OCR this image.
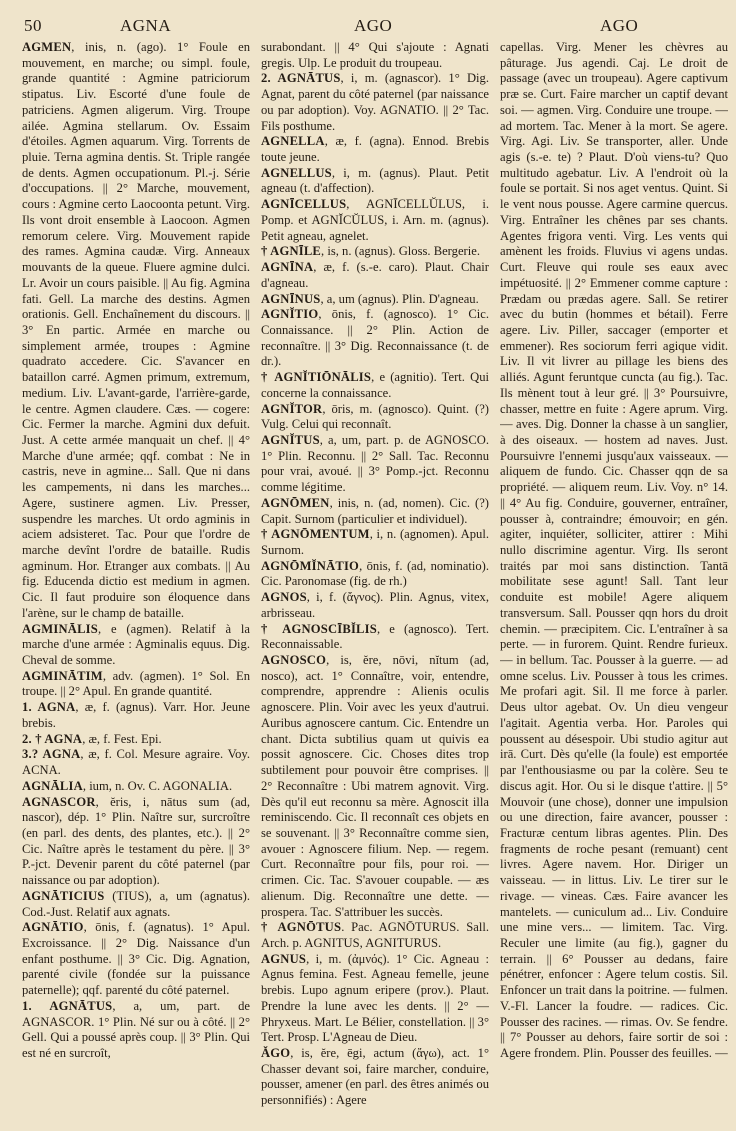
50	AGNA	AGO	AGO

AGMEN, inis, n. (ago). 1° Foule en mouvement, en marche; ou simpl. foule, grande quantité : Agmine patriciorum stipatus. Liv. Escorté d'une foule de patriciens. Agmen aligerum. Virg. Troupe ailée. Agmina stellarum. Ov. Essaim d'étoiles. Agmen aquarum. Virg. Torrents de pluie. Terna agmina dentis. St. Triple rangée de dents. Agmen occupationum. Pl.-j. Série d'occupations. || 2° Marche, mouvement, cours : Agmine certo Laocoonta petunt. Virg. Ils vont droit ensemble à Laocoon. Agmen remorum celere. Virg. Mouvement rapide des rames. Agmina caudæ. Virg. Anneaux mouvants de la queue. Fluere agmine dulci. Lr. Avoir un cours paisible. || Au fig. Agmina fati. Gell. La marche des destins. Agmen orationis. Gell. Enchaînement du discours. || 3° En partic. Armée en marche ou simplement armée, troupes : Agmine quadrato accedere. Cic. S'avancer en bataillon carré. Agmen primum, extremum, medium. Liv. L'avant-garde, l'arrière-garde, le centre. Agmen claudere. Cæs. — cogere: Cic. Fermer la marche. Agmini dux defuit. Just. A cette armée manquait un chef. || 4° Marche d'une armée; qqf. combat : Ne in castris, neve in agmine... Sall. Que ni dans les campements, ni dans les marches... Agere, sustinere agmen. Liv. Presser, suspendre les marches. Ut ordo agminis in aciem adsisteret. Tac. Pour que l'ordre de marche devînt l'ordre de bataille. Rudis agminum. Hor. Etranger aux combats. || Au fig. Educenda dictio est medium in agmen. Cic. Il faut produire son éloquence dans l'arène, sur le champ de bataille.

AGMINĀLIS, e (agmen). Relatif à la marche d'une armée : Agminalis equus. Dig. Cheval de somme.

AGMINĀTIM, adv. (agmen). 1° Sol. En troupe. || 2° Apul. En grande quantité.

1. AGNA, æ, f. (agnus). Varr. Hor. Jeune brebis.

2. † AGNA, æ, f. Fest. Epi.

3.? AGNA, æ, f. Col. Mesure agraire. Voy. ACNA.

AGNĀLIA, ium, n. Ov. C. AGONALIA.

AGNASCOR, ĕris, i, nātus sum (ad, nascor), dép. 1° Plin. Naître sur, surcroître (en parl. des dents, des plantes, etc.). || 2° Cic. Naître après le testament du père. || 3° P.-jct. Devenir parent du côté paternel (par naissance ou par adoption).

AGNĀTICIUS (TIUS), a, um (agnatus). Cod.-Just. Relatif aux agnats.

AGNĀTIO, ōnis, f. (agnatus). 1° Apul. Excroissance. || 2° Dig. Naissance d'un enfant posthume. || 3° Cic. Dig. Agnation, parenté civile (fondée sur la puissance paternelle); qqf. parenté du côté paternel.

1. AGNĀTUS, a, um, part. de AGNASCOR. 1° Plin. Né sur ou à côté. || 2° Gell. Qui a poussé après coup. || 3° Plin. Qui est né en surcroît,

surabondant. || 4° Qui s'ajoute : Agnati gregis. Ulp. Le produit du troupeau.

2. AGNĀTUS, i, m. (agnascor). 1° Dig. Agnat, parent du côté paternel (par naissance ou par adoption). Voy. AGNATIO. || 2° Tac. Fils posthume.

AGNELLA, æ, f. (agna). Ennod. Brebis toute jeune.

AGNELLUS, i, m. (agnus). Plaut. Petit agneau (t. d'affection).

AGNĪCELLUS, AGNĪCELLŬLUS, i. Pomp. et AGNĬCŬLUS, i. Arn. m. (agnus). Petit agneau, agnelet.

† AGNĪLE, is, n. (agnus). Gloss. Bergerie.

AGNĪNA, æ, f. (s.-e. caro). Plaut. Chair d'agneau.

AGNĪNUS, a, um (agnus). Plin. D'agneau.

AGNĬTIO, ōnis, f. (agnosco). 1° Cic. Connaissance. || 2° Plin. Action de reconnaître. || 3° Dig. Reconnaissance (t. de dr.).

† AGNĬTIŌNĀLIS, e (agnitio). Tert. Qui concerne la connaissance.

AGNĬTOR, ōris, m. (agnosco). Quint. (?) Vulg. Celui qui reconnaît.

AGNĬTUS, a, um, part. p. de AGNOSCO. 1° Plin. Reconnu. || 2° Sall. Tac. Reconnu pour vrai, avoué. || 3° Pomp.-jct. Reconnu comme légitime.

AGNŌMEN, inis, n. (ad, nomen). Cic. (?) Capit. Surnom (particulier et individuel).

† AGNŌMENTUM, i, n. (agnomen). Apul. Surnom.

AGNŌMĬNĀTIO, ōnis, f. (ad, nominatio). Cic. Paronomase (fig. de rh.)

AGNOS, i, f. (ἄγνος). Plin. Agnus, vitex, arbrisseau.

† AGNOSCĪBĬLIS, e (agnosco). Tert. Reconnaissable.

AGNOSCO, is, ĕre, nōvi, nĭtum (ad, nosco), act. 1° Connaître, voir, entendre, comprendre, apprendre : Alienis oculis agnoscere. Plin. Voir avec les yeux d'autrui. Auribus agnoscere cantum. Cic. Entendre un chant. Dicta subtilius quam ut quivis ea possit agnoscere. Cic. Choses dites trop subtilement pour pouvoir être comprises. || 2° Reconnaître : Ubi matrem agnovit. Virg. Dès qu'il eut reconnu sa mère. Agnoscit illa reminiscendo. Cic. Il reconnaît ces objets en se souvenant. || 3° Reconnaître comme sien, avouer : Agnoscere filium. Nep. — regem. Curt. Reconnaître pour fils, pour roi. — crimen. Cic. Tac. S'avouer coupable. — æs alienum. Dig. Reconnaître une dette. — prospera. Tac. S'attribuer les succès.

† AGNŌTUS. Pac. AGNŌTURUS. Sall. Arch. p. AGNITUS, AGNITURUS.

AGNUS, i, m. (ἀμνός). 1° Cic. Agneau : Agnus femina. Fest. Agneau femelle, jeune brebis. Lupo agnum eripere (prov.). Plaut. Prendre la lune avec les dents. || 2° — Phryxeus. Mart. Le Bélier, constellation. || 3° Tert. Prosp. L'Agneau de Dieu.

ĂGO, is, ĕre, ēgi, actum (ἄγω), act. 1° Chasser devant soi, faire marcher, conduire, pousser, amener (en parl. des êtres animés ou personnifiés) : Agere

capellas. Virg. Mener les chèvres au pâturage. Jus agendi. Caj. Le droit de passage (avec un troupeau). Agere captivum præ se. Curt. Faire marcher un captif devant soi. — agmen. Virg. Conduire une troupe. — ad mortem. Tac. Mener à la mort. Se agere. Virg. Agi. Liv. Se transporter, aller. Unde agis (s.-e. te) ? Plaut. D'où viens-tu? Quo multitudo agebatur. Liv. A l'endroit où la foule se portait. Si nos aget ventus. Quint. Si le vent nous pousse. Agere carmine quercus. Virg. Entraîner les chênes par ses chants. Agentes frigora venti. Virg. Les vents qui amènent les froids. Fluvius vi agens undas. Curt. Fleuve qui roule ses eaux avec impétuosité. || 2° Emmener comme capture : Prædam ou prædas agere. Sall. Se retirer avec du butin (hommes et bétail). Ferre agere. Liv. Piller, saccager (emporter et emmener). Res sociorum ferri agique vidit. Liv. Il vit livrer au pillage les biens des alliés. Agunt feruntque cuncta (au fig.). Tac. Ils mènent tout à leur gré. || 3° Poursuivre, chasser, mettre en fuite : Agere aprum. Virg. — aves. Dig. Donner la chasse à un sanglier, à des oiseaux. — hostem ad naves. Just. Poursuivre l'ennemi jusqu'aux vaisseaux. — aliquem de fundo. Cic. Chasser qqn de sa propriété. — aliquem reum. Liv. Voy. n° 14. || 4° Au fig. Conduire, gouverner, entraîner, pousser à, contraindre; émouvoir; en gén. agiter, inquiéter, solliciter, attirer : Mihi nullo discrimine agentur. Virg. Ils seront traités par moi sans distinction. Tantā mobilitate sese agunt! Sall. Tant leur conduite est mobile! Agere aliquem transversum. Sall. Pousser qqn hors du droit chemin. — præcipitem. Cic. L'entraîner à sa perte. — in furorem. Quint. Rendre furieux. — in bellum. Tac. Pousser à la guerre. — ad omne scelus. Liv. Pousser à tous les crimes. Me profari agit. Sil. Il me force à parler. Deus ultor agebat. Ov. Un dieu vengeur l'agitait. Agentia verba. Hor. Paroles qui poussent au désespoir. Ubi studio agitur aut irā. Curt. Dès qu'elle (la foule) est emportée par l'enthousiasme ou par la colère. Seu te discus agit. Hor. Ou si le disque t'attire. || 5° Mouvoir (une chose), donner une impulsion ou une direction, faire avancer, pousser : Fracturæ centum libras agentes. Plin. Des fragments de roche pesant (remuant) cent livres. Agere navem. Hor. Diriger un vaisseau. — in littus. Liv. Le tirer sur le rivage. — vineas. Cæs. Faire avancer les mantelets. — cuniculum ad... Liv. Conduire une mine vers... — limitem. Tac. Virg. Reculer une limite (au fig.), gagner du terrain. || 6° Pousser au dedans, faire pénétrer, enfoncer : Agere telum costis. Sil. Enfoncer un trait dans la poitrine. — fulmen. V.-Fl. Lancer la foudre. — radices. Cic. Pousser des racines. — rimas. Ov. Se fendre. || 7° Pousser au dehors, faire sortir de soi : Agere frondem. Plin. Pousser des feuilles. —
